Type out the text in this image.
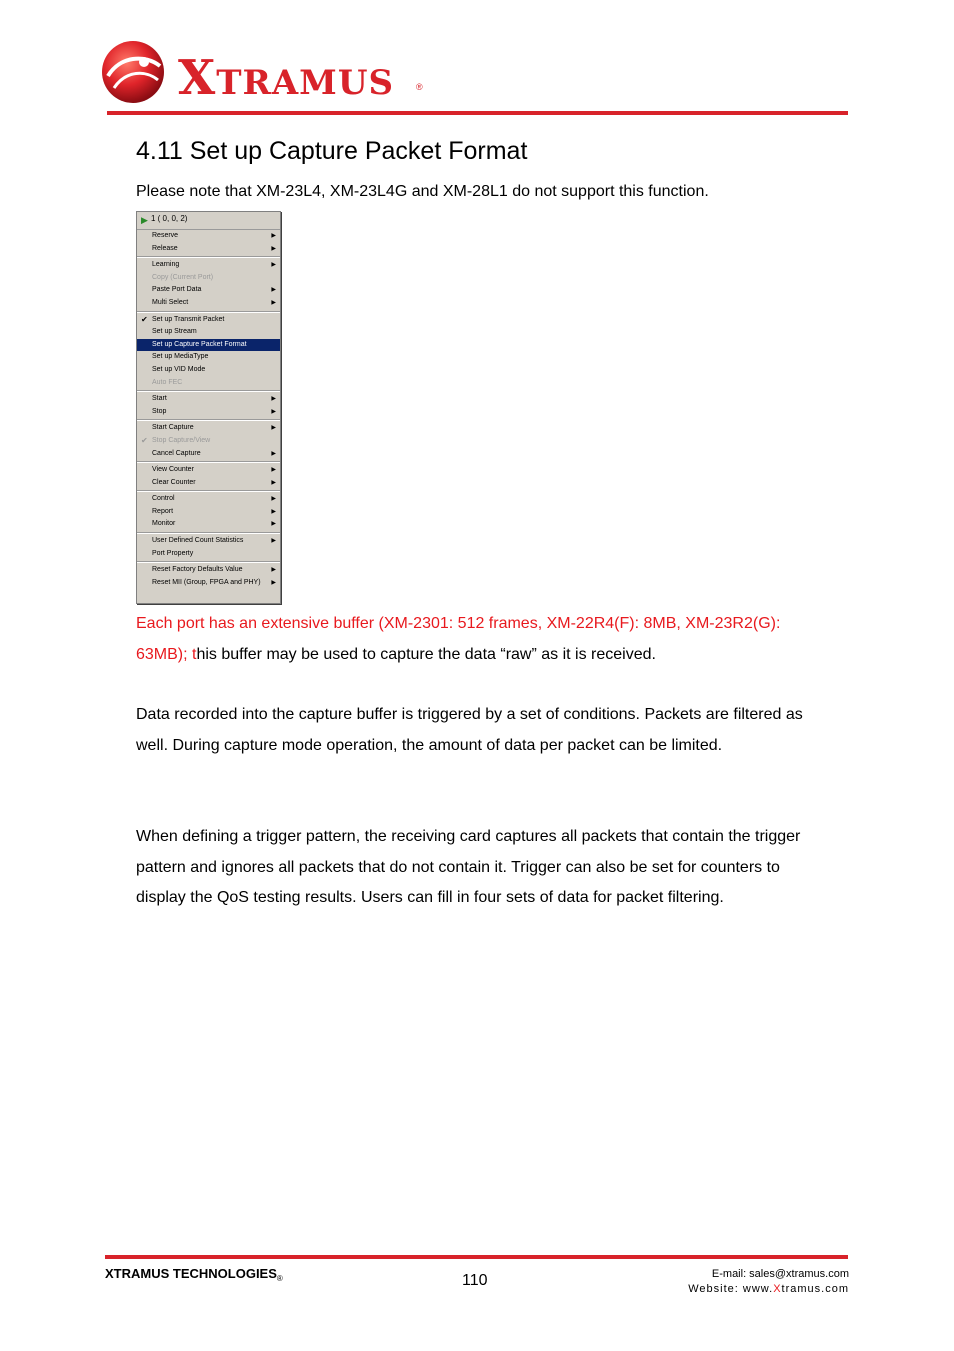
XTRAMUS ®
4.11 Set up Capture Packet Format
Please note that XM-23L4, XM-23L4G and XM-28L1 do not support this function.
▶ 1 ( 0, 0, 2)
Reserve	▶
Release	▶
Learning	▶
Copy (Current Port)
Paste Port Data	▶
Multi Select	▶
✔ Set up Transmit Packet
Set up Stream
Set up Capture Packet Format
Set up MediaType
Set up VID Mode
Auto FEC
Start	▶
Stop	▶
Start Capture	▶
✔ Stop Capture/View
Cancel Capture	▶
View Counter	▶
Clear Counter	▶
Control	▶
Report	▶
Monitor	▶
User Defined Count Statistics	▶
Port Property
Reset Factory Defaults Value	▶
Reset MII (Group, FPGA and PHY) ▶
Each port has an extensive buffer (XM-2301: 512 frames, XM-22R4(F): 8MB, XM-23R2(G): 63MB); this buffer may be used to capture the data “raw” as it is received.
Data recorded into the capture buffer is triggered by a set of conditions. Packets are filtered as well. During capture mode operation, the amount of data per packet can be limited.
When defining a trigger pattern, the receiving card captures all packets that contain the trigger pattern and ignores all packets that do not contain it. Trigger can also be set for counters to display the QoS testing results. Users can fill in four sets of data for packet filtering.
XTRAMUS TECHNOLOGIES®	110	E-mail: sales@xtramus.com
Website: www.Xtramus.com
